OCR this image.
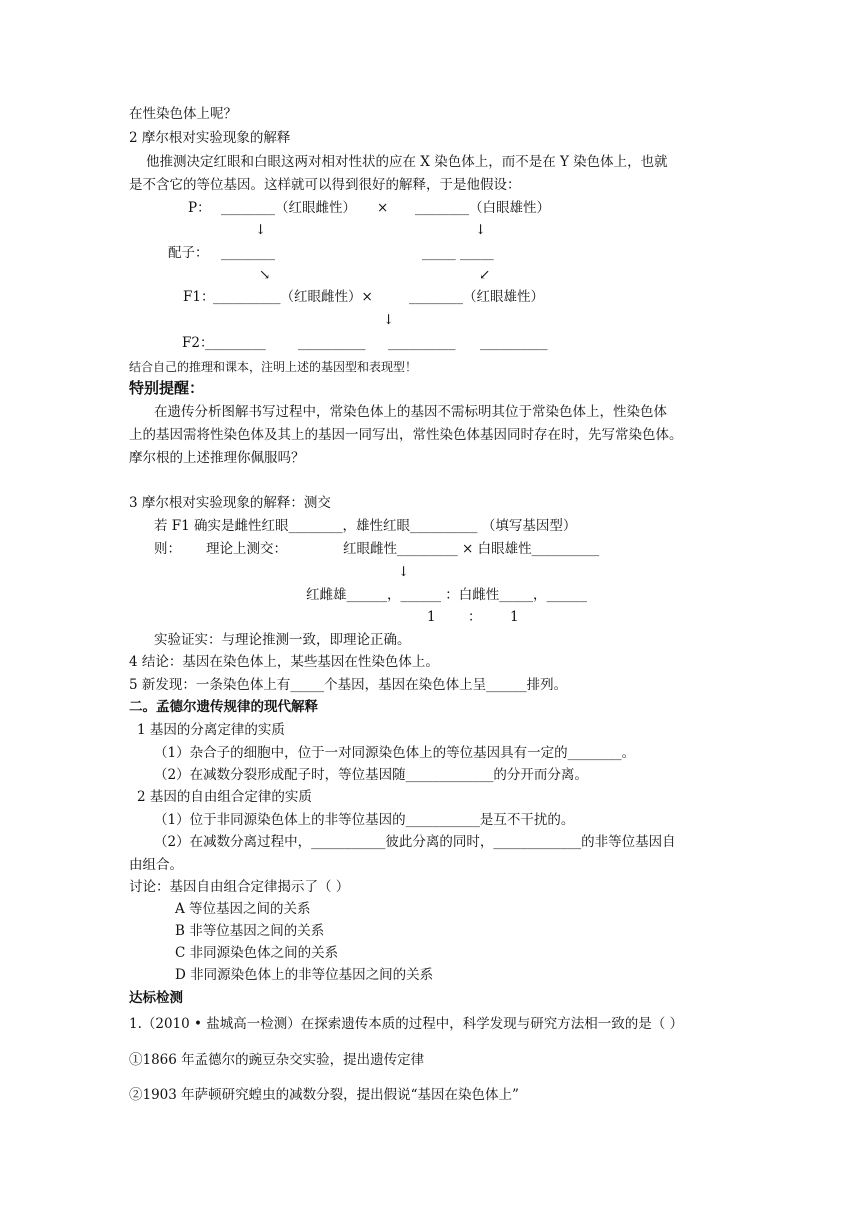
在性染色体上呢？
2 摩尔根对实验现象的解释
他推测决定红眼和白眼这两对相对性状的应在 X 染色体上，而不是在 Y 染色体上，也就
是不含它的等位基因。这样就可以得到很好的解释，于是他假设：
P： ________（红眼雌性） × ________（白眼雄性）
↓	↓
配子： ________	_____ _____
↘	↙
F1：
__________（红眼雌性）×	________（红眼雄性）
↓
F2：
_________ __________ __________ __________
结合自己的推理和课本，注明上述的基因型和表现型！
特别提醒：
在遗传分析图解书写过程中，常染色体上的基因不需标明其位于常染色体上，性染色体
上的基因需将性染色体及其上的基因一同写出，常性染色体基因同时存在时，先写常染色体。
摩尔根的上述推理你佩服吗？
3 摩尔根对实验现象的解释：测交
若 F1 确实是雌性红眼________，雄性红眼__________ （填写基因型）
则： 理论上测交：	红眼雌性_________ × 白眼雄性__________
↓
红雌雄______，______ ：白雌性_____，______
1 ： 1
实验证实：与理论推测一致，即理论正确。
4 结论：基因在染色体上，某些基因在性染色体上。
5 新发现：一条染色体上有_____个基因，基因在染色体上呈______排列。
二。孟德尔遗传规律的现代解释
1 基因的分离定律的实质
（1）杂合子的细胞中，位于一对同源染色体上的等位基因具有一定的________。
（2）在减数分裂形成配子时，等位基因随_____________的分开而分离。
2 基因的自由组合定律的实质
（1）位于非同源染色体上的非等位基因的___________是互不干扰的。
（2）在减数分离过程中，___________彼此分离的同时，_____________的非等位基因自
由组合。
讨论：基因自由组合定律揭示了（ ）
A 等位基因之间的关系
B 非等位基因之间的关系
C 非同源染色体之间的关系
D 非同源染色体上的非等位基因之间的关系
达标检测
1.（2010 • 盐城高一检测）在探索遗传本质的过程中，科学发现与研究方法相一致的是（ ）
①1866 年孟德尔的豌豆杂交实验，提出遗传定律
②1903 年萨顿研究蝗虫的减数分裂，提出假说“基因在染色体上”
